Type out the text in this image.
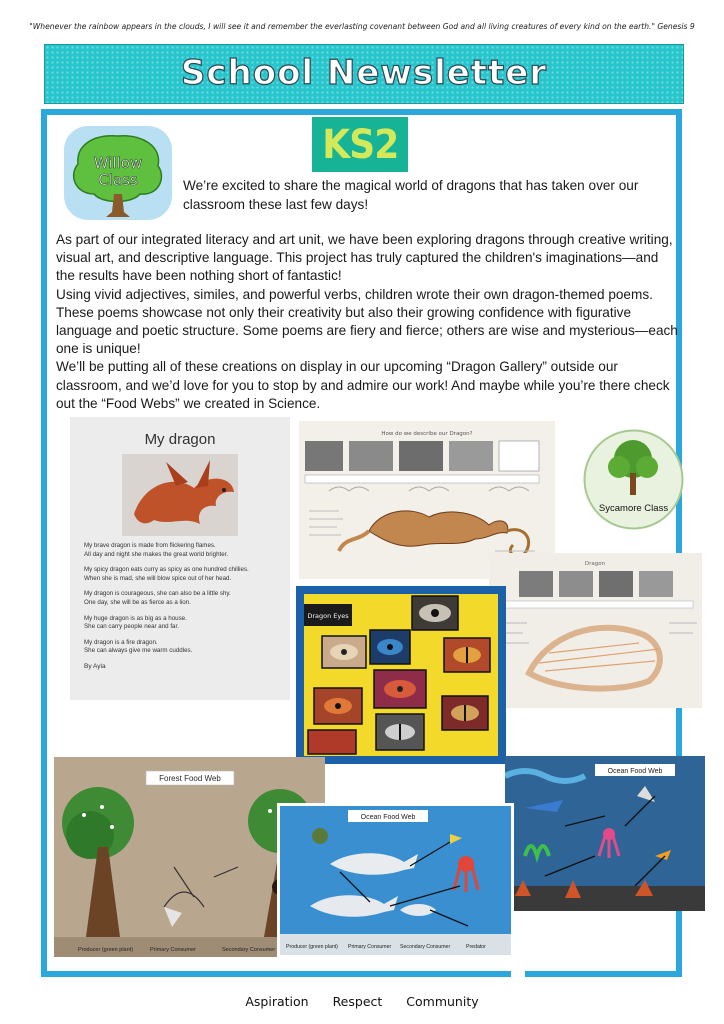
"Whenever the rainbow appears in the clouds, I will see it and remember the everlasting covenant between God and all living creatures of every kind on the earth." Genesis 9
School Newsletter
Willow
Class
KS2
We’re excited to share the magical world of dragons that has taken over our classroom these last few days!

As part of our integrated literacy and art unit, we have been exploring dragons through creative writing, visual art, and descriptive language. This project has truly captured the children's imaginations—and the results have been nothing short of fantastic!

Using vivid adjectives, similes, and powerful verbs, children wrote their own dragon-themed poems. These poems showcase not only their creativity but also their growing confidence with figurative language and poetic structure. Some poems are fiery and fierce; others are wise and mysterious—each one is unique!

We’ll be putting all of these creations on display in our upcoming “Dragon Gallery” outside our classroom, and we’d love for you to stop by and admire our work! And maybe while you’re there check out the “Food Webs” we created in Science.

My dragon
My brave dragon is made from flickering flames.
All day and night she makes the great world brighter.
My spicy dragon eats curry as spicy as one hundred chillies.
When she is mad, she will blow spice out of her head.
My dragon is courageous, she can also be a little shy.
One day, she will be as fierce as a lion.
My huge dragon is as big as a house.
She can carry people near and far.
My dragon is a fire dragon.
She can always give me warm cuddles.
By Ayla
How do we describe our Dragon?
Sycamore Class
Dragon
Dragon Eyes
Forest Food Web
Producer (green plant)	Primary Consumer	Secondary Consumer
Ocean Food Web
Ocean Food Web
Producer (green plant) Primary Consumer Secondary Consumer	Predator
Aspiration Respect Community
